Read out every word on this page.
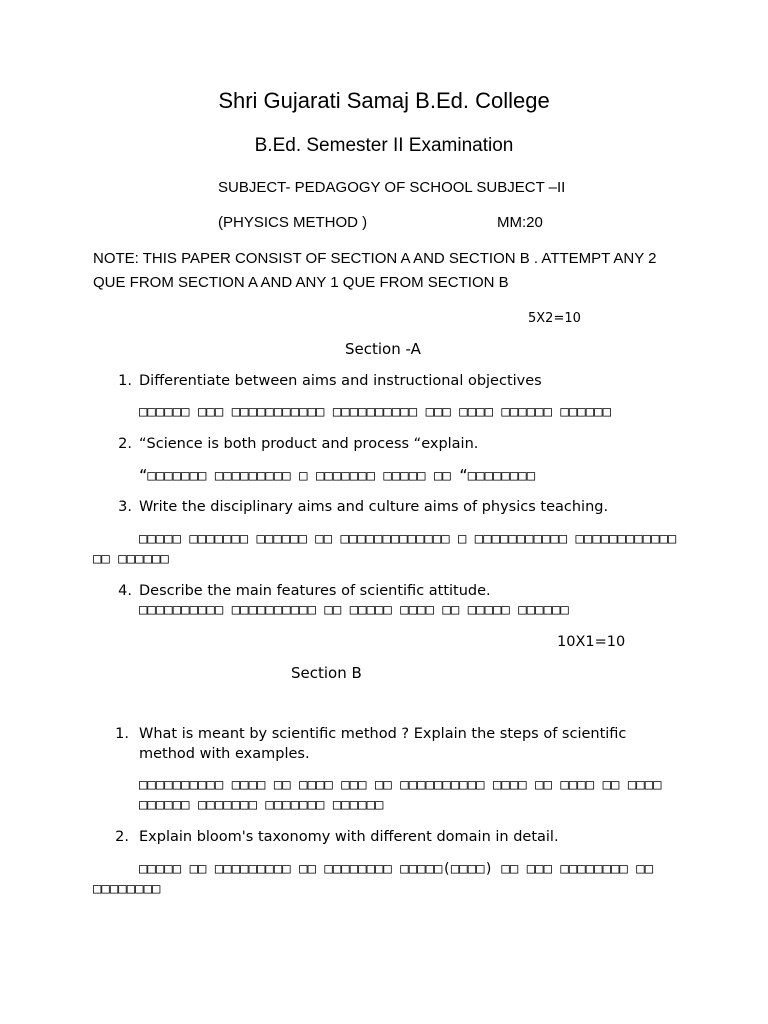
Shri Gujarati Samaj B.Ed. College
B.Ed. Semester II Examination
SUBJECT- PEDAGOGY OF SCHOOL SUBJECT –II
(PHYSICS METHOD )	MM:20
NOTE: THIS PAPER CONSIST OF SECTION A AND SECTION B . ATTEMPT ANY 2
QUE FROM SECTION A AND ANY 1 QUE FROM SECTION B
5X2=10
Section -A
1. Differentiate between aims and instructional objectives
□□□□□□ □□□ □□□□□□□□□□□ □□□□□□□□□□ □□□ □□□□ □□□□□□ □□□□□□
2. “Science is both product and process “explain.
“□□□□□□□ □□□□□□□□□ □ □□□□□□□ □□□□□ □□ “□□□□□□□□
3. Write the disciplinary aims and culture aims of physics teaching.
□□□□□ □□□□□□□ □□□□□□ □□ □□□□□□□□□□□□□ □ □□□□□□□□□□□ □□□□□□□□□□□□
□□ □□□□□□
4. Describe the main features of scientific attitude.
□□□□□□□□□□ □□□□□□□□□□ □□ □□□□□ □□□□ □□ □□□□□ □□□□□□
10X1=10
Section B
1. What is meant by scientific method ? Explain the steps of scientific
method with examples.
□□□□□□□□□□ □□□□ □□ □□□□ □□□ □□ □□□□□□□□□□ □□□□ □□ □□□□ □□ □□□□
□□□□□□ □□□□□□□ □□□□□□□ □□□□□□
2. Explain bloom's taxonomy with different domain in detail.
□□□□□ □□ □□□□□□□□□ □□ □□□□□□□□ □□□□□(□□□□) □□ □□□ □□□□□□□□ □□
□□□□□□□□
